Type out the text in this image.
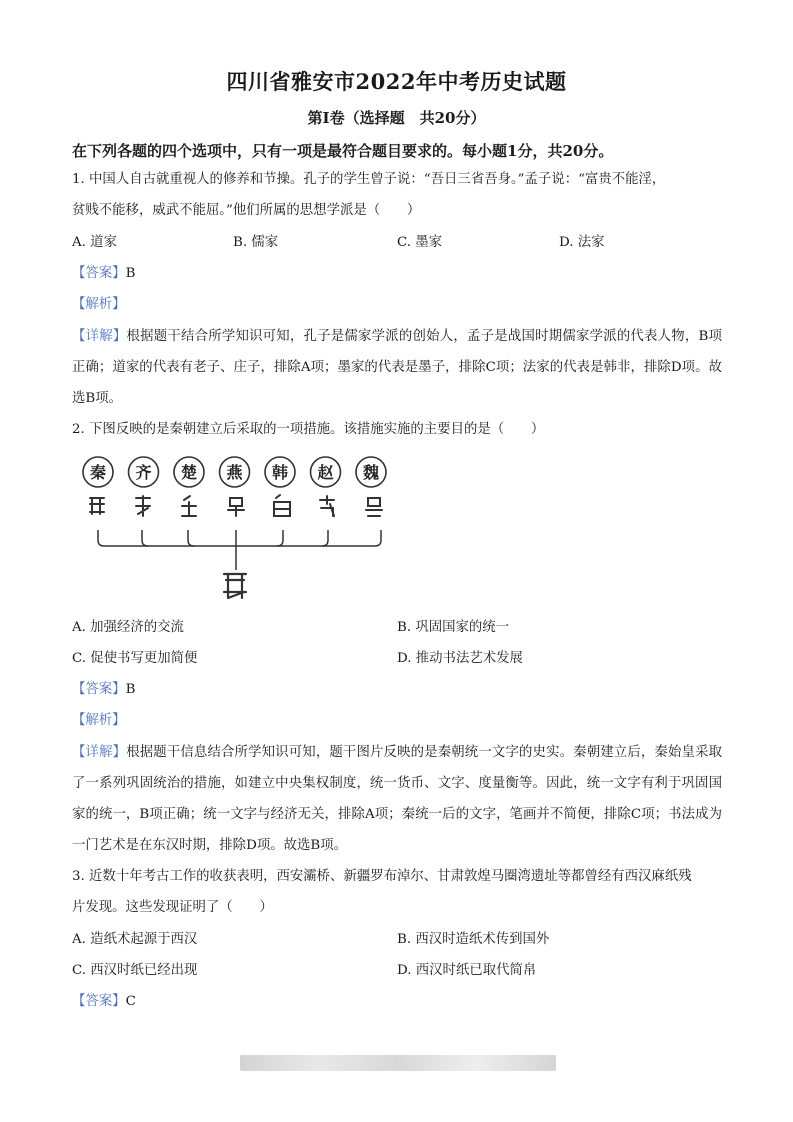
四川省雅安市2022年中考历史试题
第Ⅰ卷（选择题　共20分）
在下列各题的四个选项中，只有一项是最符合题目要求的。每小题1分，共20分。
1. 中国人自古就重视人的修养和节操。孔子的学生曾子说：“吾日三省吾身。”孟子说：“富贵不能淫，
贫贱不能移，威武不能屈。”他们所属的思想学派是（　　）
A. 道家	B. 儒家	C. 墨家	D. 法家
【答案】B
【解析】
【详解】根据题干结合所学知识可知，孔子是儒家学派的创始人，孟子是战国时期儒家学派的代表人物，B项正确；道家的代表有老子、庄子，排除A项；墨家的代表是墨子，排除C项；法家的代表是韩非，排除D项。故选B项。
2. 下图反映的是秦朝建立后采取的一项措施。该措施实施的主要目的是（　　）
秦 齐 楚 燕 韩 赵 魏
A. 加强经济的交流	B. 巩固国家的统一
C. 促使书写更加简便	D. 推动书法艺术发展
【答案】B
【解析】
【详解】根据题干信息结合所学知识可知，题干图片反映的是秦朝统一文字的史实。秦朝建立后，秦始皇采取了一系列巩固统治的措施，如建立中央集权制度，统一货币、文字、度量衡等。因此，统一文字有利于巩固国家的统一，B项正确；统一文字与经济无关，排除A项；秦统一后的文字，笔画并不简便，排除C项；书法成为一门艺术是在东汉时期，排除D项。故选B项。
3. 近数十年考古工作的收获表明，西安灞桥、新疆罗布淖尔、甘肃敦煌马圈湾遗址等都曾经有西汉麻纸残
片发现。这些发现证明了（　　）
A. 造纸术起源于西汉	B. 西汉时造纸术传到国外
C. 西汉时纸已经出现	D. 西汉时纸已取代简帛
【答案】C
